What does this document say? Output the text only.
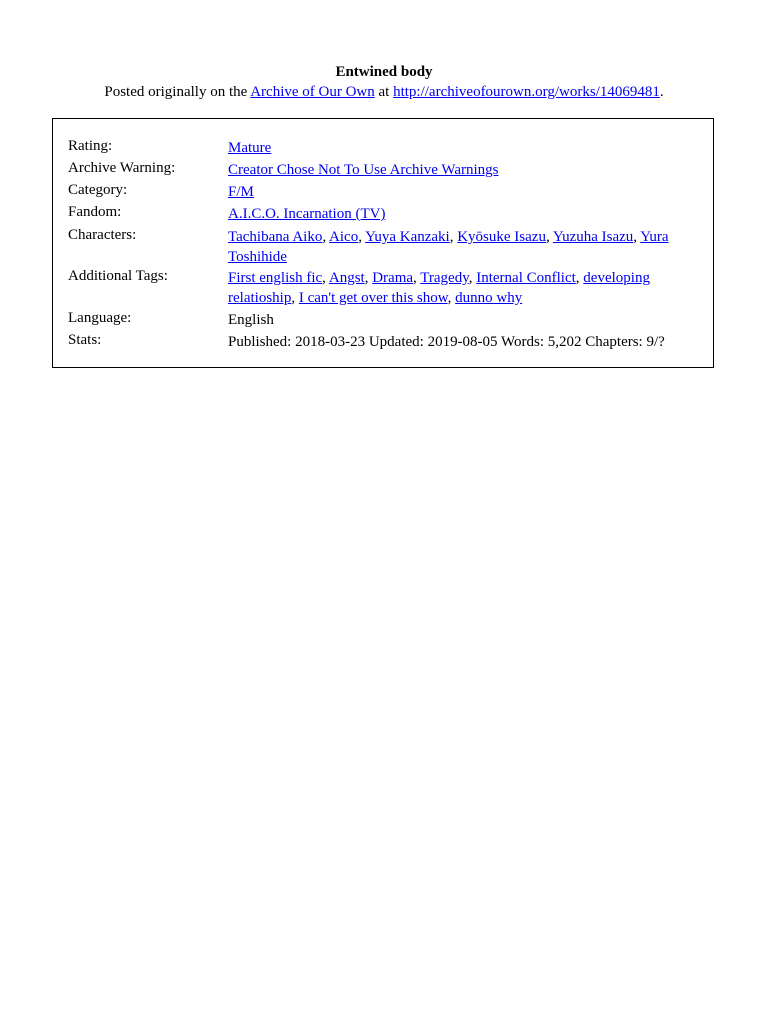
Entwined body
Posted originally on the Archive of Our Own at http://archiveofourown.org/works/14069481.
Rating:	Mature
Archive Warning:	Creator Chose Not To Use Archive Warnings
Category:	F/M
Fandom:	A.I.C.O. Incarnation (TV)
Characters:	Tachibana Aiko, Aico, Yuya Kanzaki, Kyōsuke Isazu, Yuzuha Isazu, Yura Toshihide
Additional Tags:	First english fic, Angst, Drama, Tragedy, Internal Conflict, developing relatioship, I can't get over this show, dunno why
Language:	English
Stats:	Published: 2018-03-23 Updated: 2019-08-05 Words: 5,202 Chapters: 9/?
